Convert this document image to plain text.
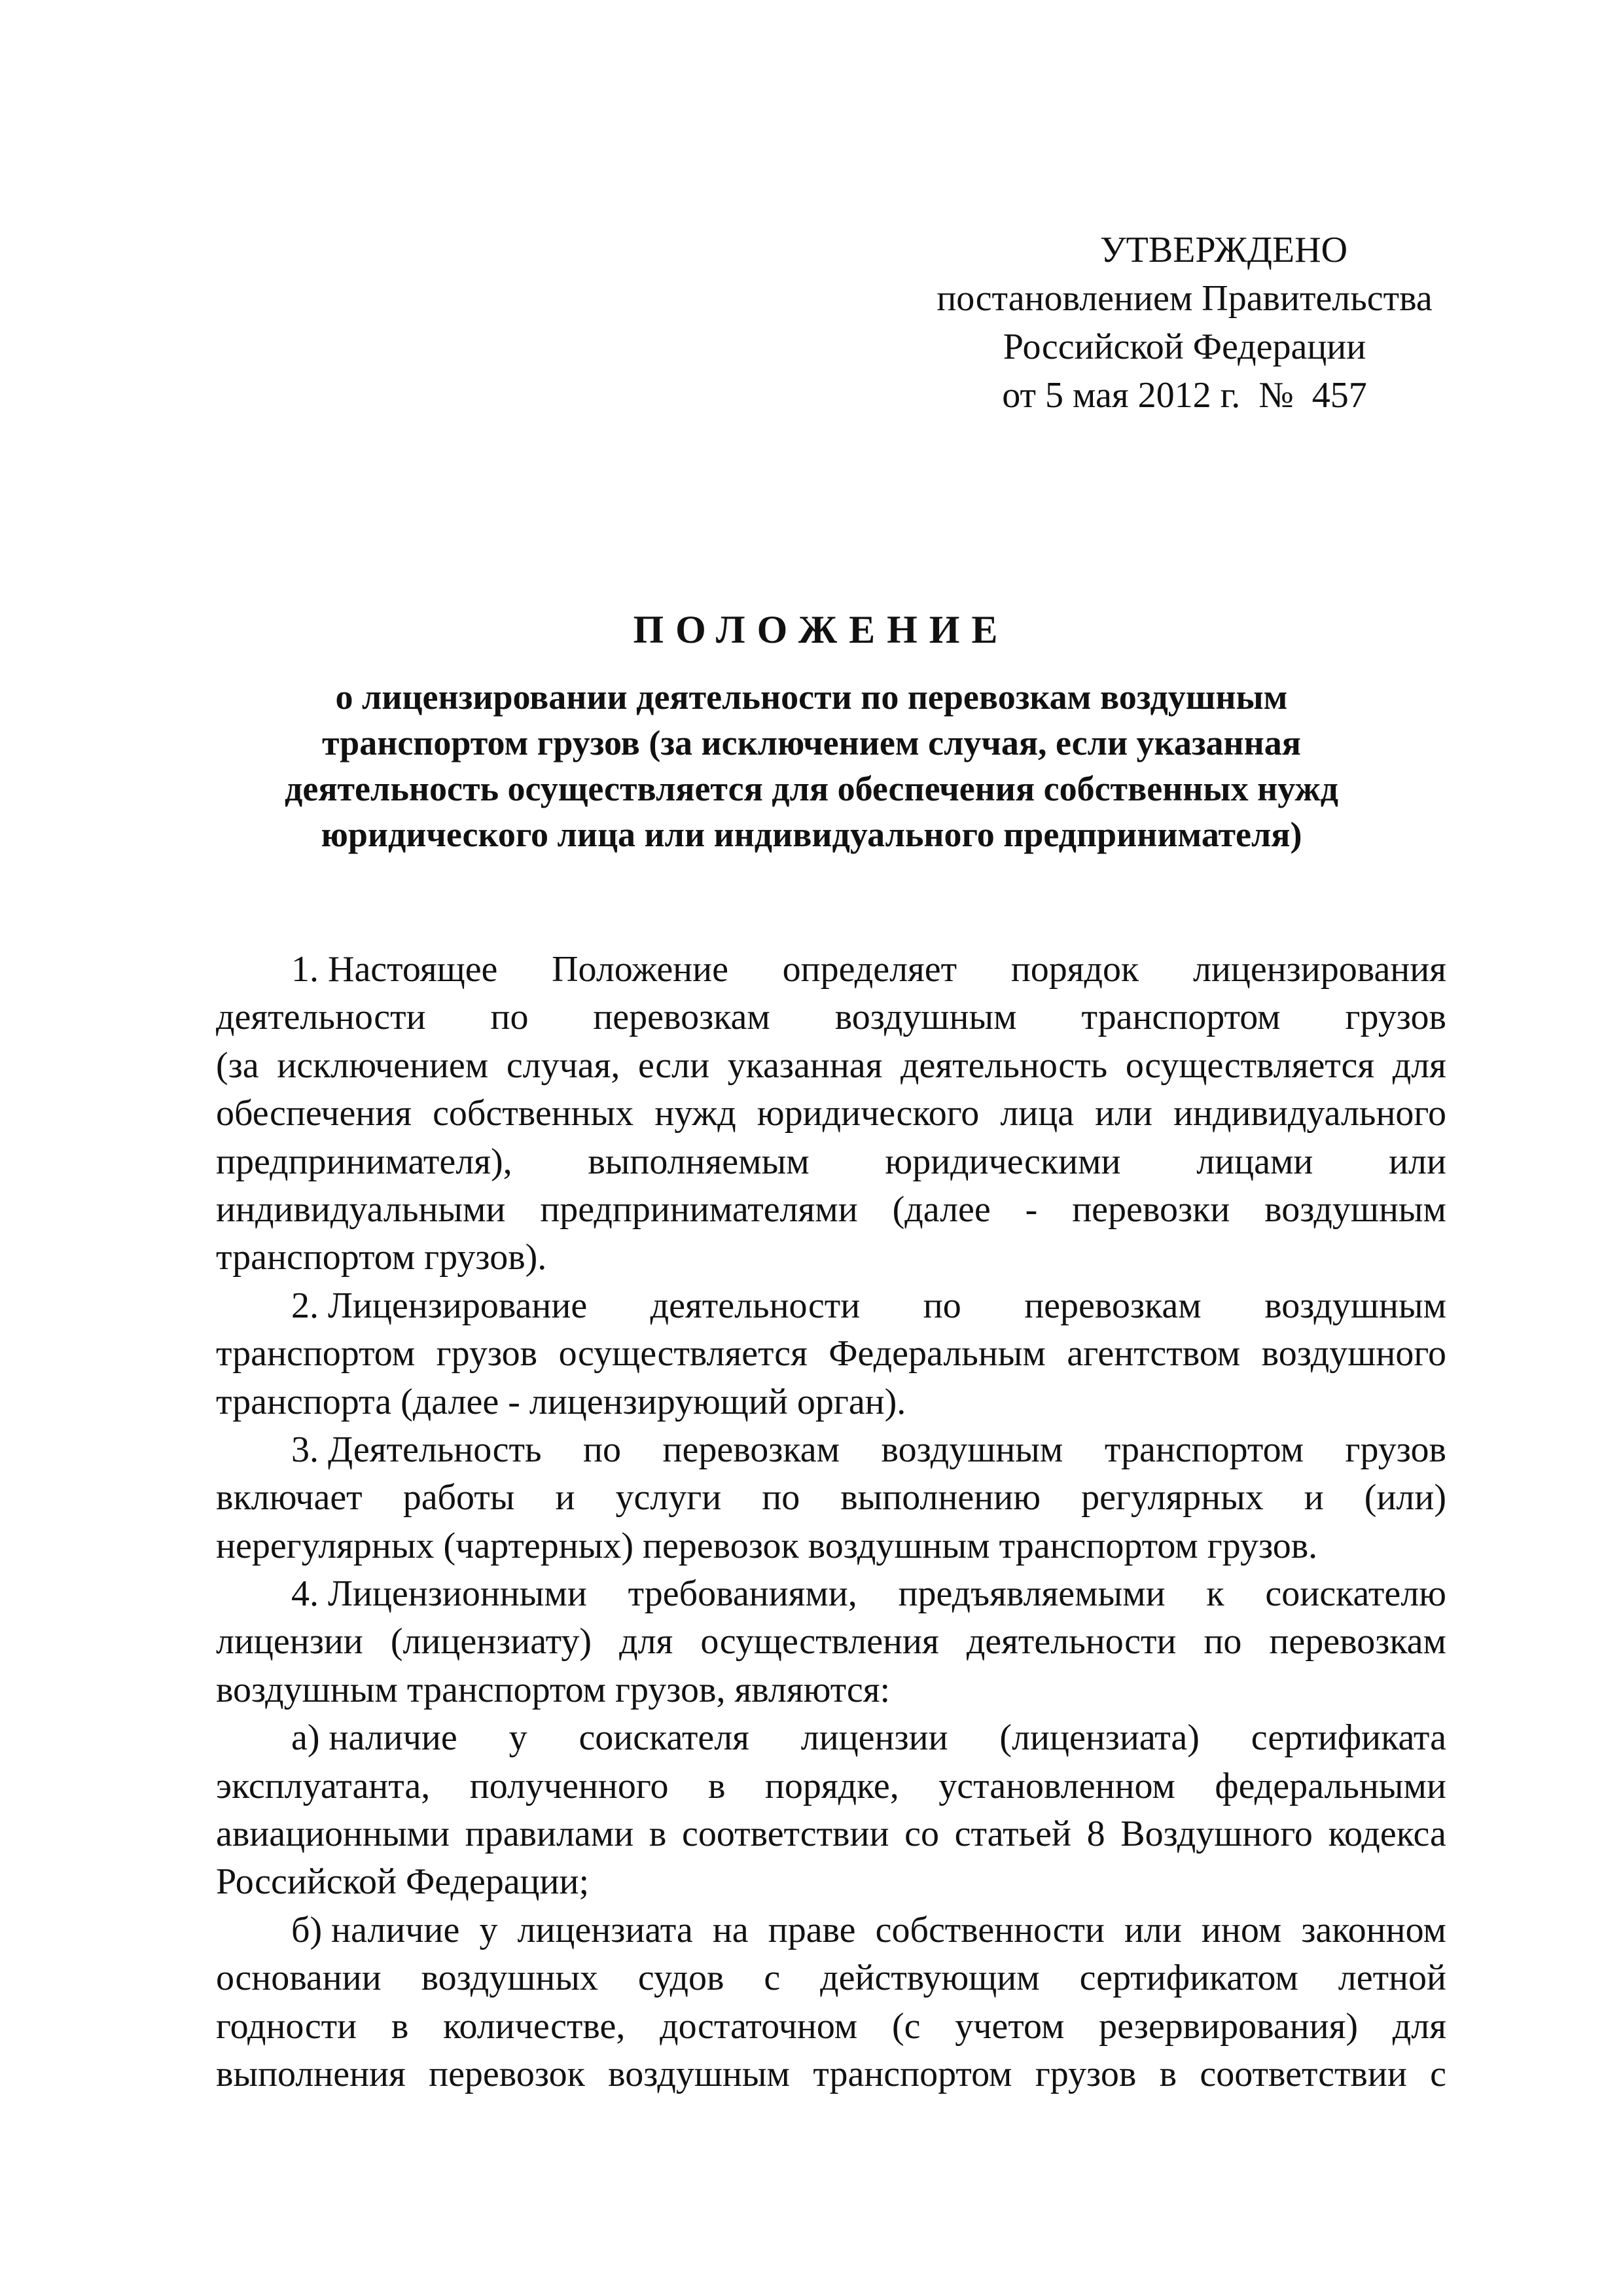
УТВЕРЖДЕНО
постановлением Правительства
Российской Федерации
от 5 мая 2012 г. № 457
ПОЛОЖЕНИЕ
о лицензировании деятельности по перевозкам воздушным
транспортом грузов (за исключением случая, если указанная
деятельность осуществляется для обеспечения собственных нужд
юридического лица или индивидуального предпринимателя)
1. Настоящее Положение определяет порядок лицензирования
деятельности по перевозкам воздушным транспортом грузов
(за исключением случая, если указанная деятельность осуществляется для
обеспечения собственных нужд юридического лица или индивидуального
предпринимателя), выполняемым юридическими лицами или
индивидуальными предпринимателями (далее - перевозки воздушным
транспортом грузов).
2. Лицензирование деятельности по перевозкам воздушным
транспортом грузов осуществляется Федеральным агентством воздушного
транспорта (далее - лицензирующий орган).
3. Деятельность по перевозкам воздушным транспортом грузов
включает работы и услуги по выполнению регулярных и (или)
нерегулярных (чартерных) перевозок воздушным транспортом грузов.
4. Лицензионными требованиями, предъявляемыми к соискателю
лицензии (лицензиату) для осуществления деятельности по перевозкам
воздушным транспортом грузов, являются:
а) наличие у соискателя лицензии (лицензиата) сертификата
эксплуатанта, полученного в порядке, установленном федеральными
авиационными правилами в соответствии со статьей 8 Воздушного кодекса
Российской Федерации;
б) наличие у лицензиата на праве собственности или ином законном
основании воздушных судов с действующим сертификатом летной
годности в количестве, достаточном (с учетом резервирования) для
выполнения перевозок воздушным транспортом грузов в соответствии с
